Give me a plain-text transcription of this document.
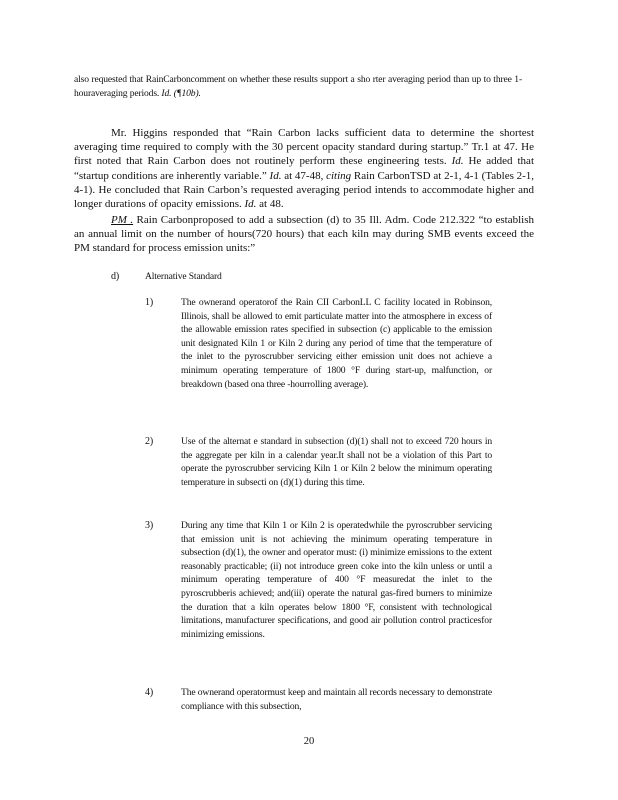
also requested that RainCarboncomment on whether these results support a sho rter averaging period than up to three 1-houraveraging periods. Id. (¶10b).
Mr. Higgins responded that “Rain Carbon lacks sufficient data to determine the shortest averaging time required to comply with the 30 percent opacity standard during startup.” Tr.1 at 47. He first noted that Rain Carbon does not routinely perform these engineering tests. Id. He added that “startup conditions are inherently variable.” Id. at 47-48, citing Rain CarbonTSD at 2-1, 4-1 (Tables 2-1, 4-1). He concluded that Rain Carbon’s requested averaging period intends to accommodate higher and longer durations of opacity emissions. Id. at 48.
PM . Rain Carbonproposed to add a subsection (d) to 35 Ill. Adm. Code 212.322 “to establish an annual limit on the number of hours(720 hours) that each kiln may during SMB events exceed the PM standard for process emission units:”
d)	Alternative Standard
1)	The ownerand operatorof the Rain CII CarbonLL C facility located in Robinson, Illinois, shall be allowed to emit particulate matter into the atmosphere in excess of the allowable emission rates specified in subsection (c) applicable to the emission unit designated Kiln 1 or Kiln 2 during any period of time that the temperature of the inlet to the pyroscrubber servicing either emission unit does not achieve a minimum operating temperature of 1800 °F during start-up, malfunction, or breakdown (based ona three -hourrolling average).
2)	Use of the alternat e standard in subsection (d)(1) shall not to exceed 720 hours in the aggregate per kiln in a calendar year.It shall not be a violation of this Part to operate the pyroscrubber servicing Kiln 1 or Kiln 2 below the minimum operating temperature in subsecti on (d)(1) during this time.
3)	During any time that Kiln 1 or Kiln 2 is operatedwhile the pyroscrubber servicing that emission unit is not achieving the minimum operating temperature in subsection (d)(1), the owner and operator must: (i) minimize emissions to the extent reasonably practicable; (ii) not introduce green coke into the kiln unless or until a minimum operating temperature of 400 °F measuredat the inlet to the pyroscrubberis achieved; and(iii) operate the natural gas-fired burners to minimize the duration that a kiln operates below 1800 °F, consistent with technological limitations, manufacturer specifications, and good air pollution control practicesfor minimizing emissions.
4)	The ownerand operatormust keep and maintain all records necessary to demonstrate compliance with this subsection,
20
